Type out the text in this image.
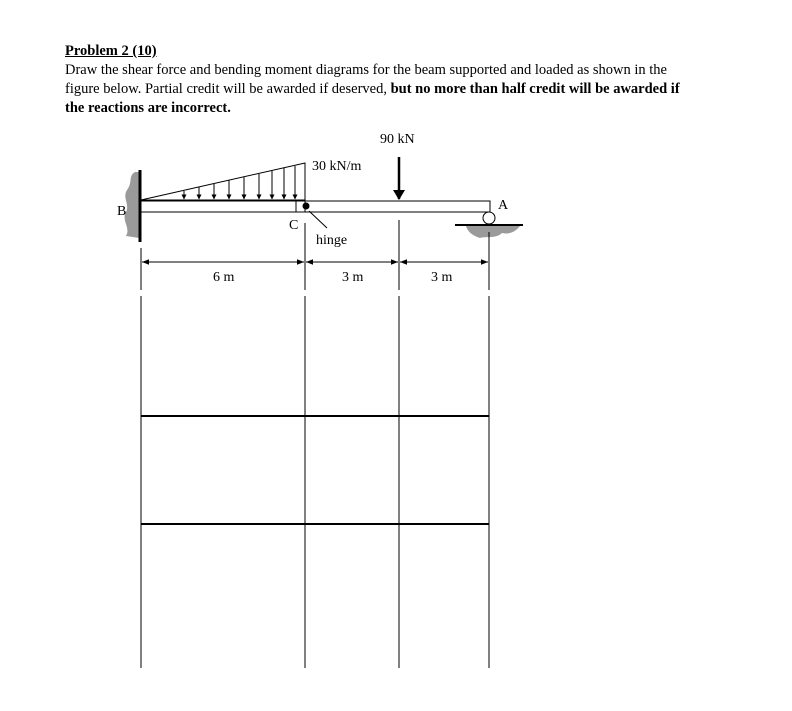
Problem 2 (10)
Draw the shear force and bending moment diagrams for the beam supported and loaded as shown in the
figure below. Partial credit will be awarded if deserved, but no more than half credit will be awarded if
the reactions are incorrect.
30 kN/m
90 kN
hinge
B
C
A
6 m	3 m	3 m
